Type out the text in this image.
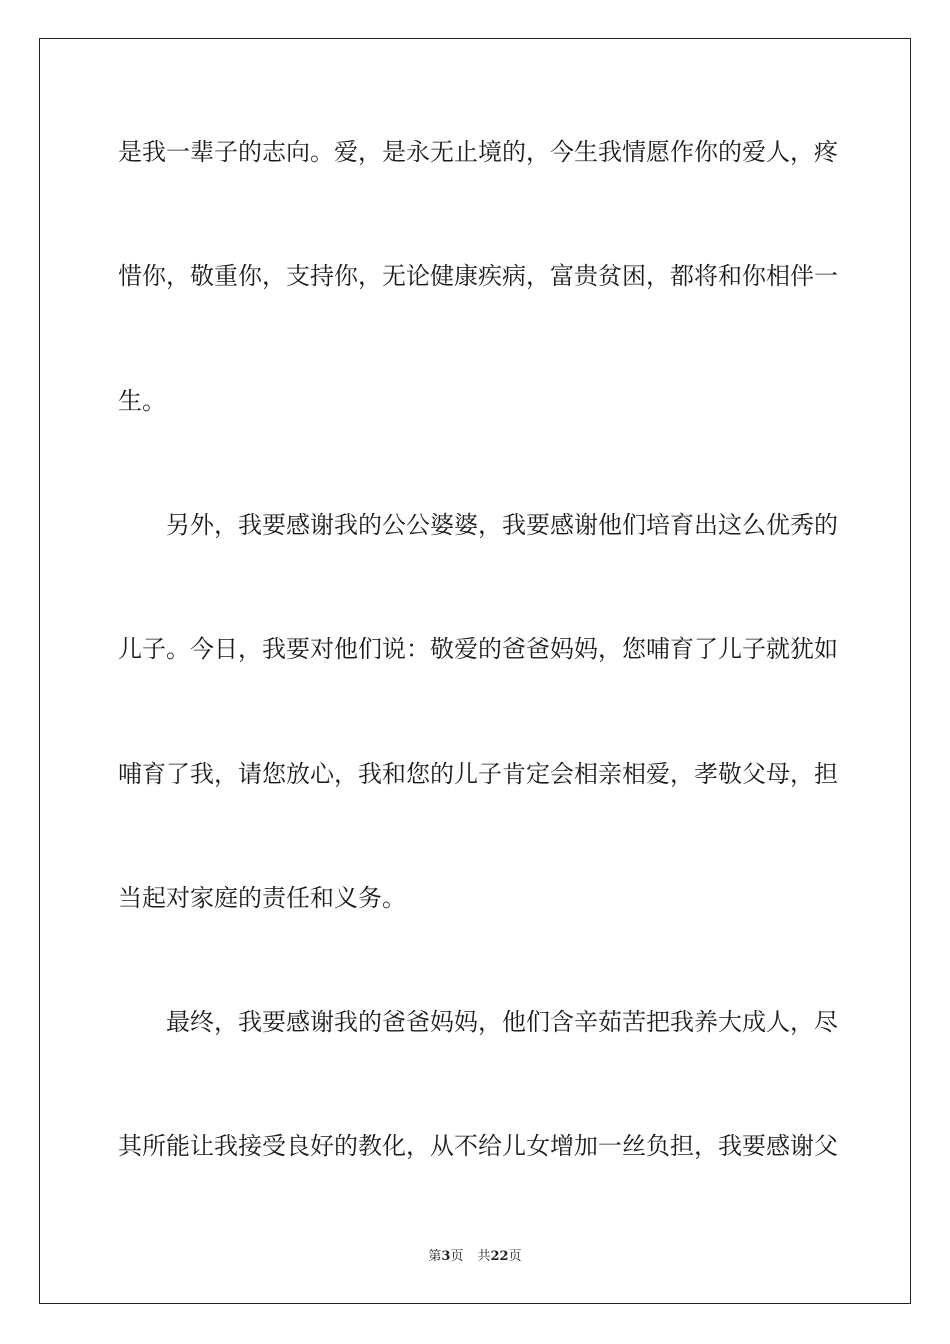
是我一辈子的志向。爱，是永无止境的，今生我情愿作你的爱人，疼
惜你，敬重你，支持你，无论健康疾病，富贵贫困，都将和你相伴一
生。
　　另外，我要感谢我的公公婆婆，我要感谢他们培育出这么优秀的
儿子。今日，我要对他们说：敬爱的爸爸妈妈，您哺育了儿子就犹如
哺育了我，请您放心，我和您的儿子肯定会相亲相爱，孝敬父母，担
当起对家庭的责任和义务。
　　最终，我要感谢我的爸爸妈妈，他们含辛茹苦把我养大成人，尽
其所能让我接受良好的教化，从不给儿女增加一丝负担，我要感谢父
第3页 共22页
